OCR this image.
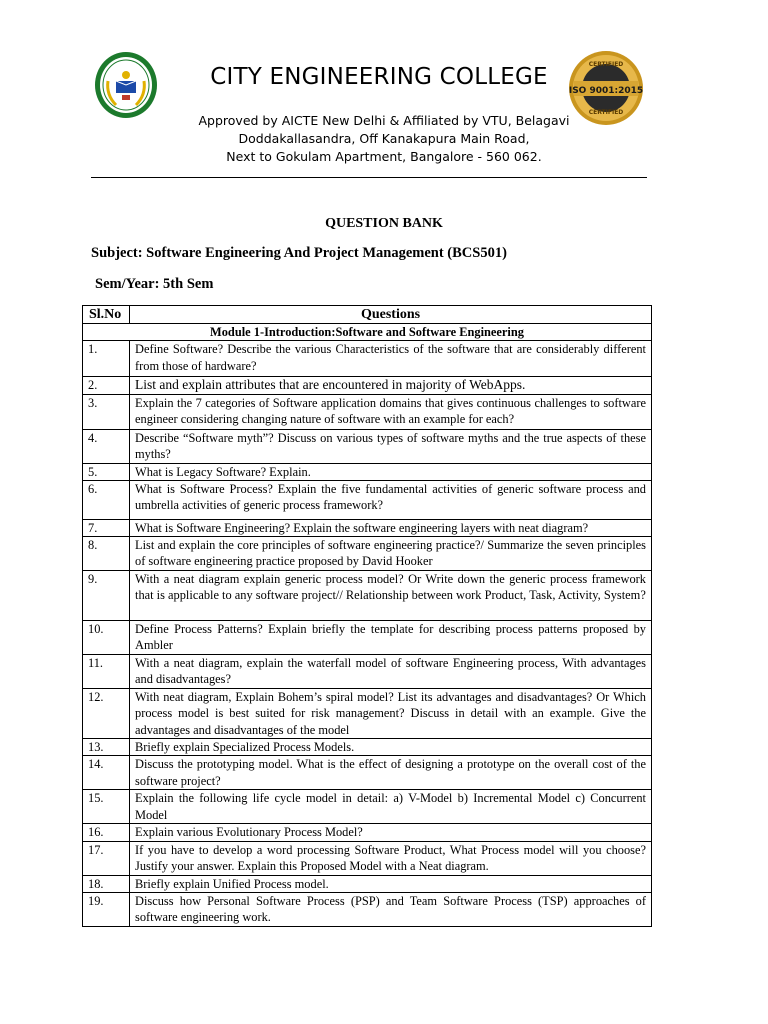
CITY ENGINEERING COLLEGE
Approved by AICTE New Delhi & Affiliated by VTU, Belagavi
Doddakallasandra, Off Kanakapura Main Road,
Next to Gokulam Apartment, Bangalore - 560 062.
ISO 9001:2015
CERTIFIED
CERTIFIED
QUESTION BANK
Subject: Software Engineering And Project Management (BCS501)
Sem/Year: 5th Sem
Sl.No	Questions
Module 1-Introduction:Software and Software Engineering	
1.	Define Software? Describe the various Characteristics of the software that are considerably different from those of hardware?
2.	List and explain attributes that are encountered in majority of WebApps.
3.	Explain the 7 categories of Software application domains that gives continuous challenges to software engineer considering changing nature of software with an example for each?
4.	Describe “Software myth”? Discuss on various types of software myths and the true aspects of these myths?
5.	What is Legacy Software? Explain.
6.	What is Software Process? Explain the five fundamental activities of generic software process and umbrella activities of generic process framework?
7.	What is Software Engineering? Explain the software engineering layers with neat diagram?
8.	List and explain the core principles of software engineering practice?/ Summarize the seven principles of software engineering practice proposed by David Hooker
9.	With a neat diagram explain generic process model? Or Write down the generic process framework that is applicable to any software project// Relationship between work Product, Task, Activity, System?
10.	Define Process Patterns? Explain briefly the template for describing process patterns proposed by Ambler
11.	With a neat diagram, explain the waterfall model of software Engineering process, With advantages and disadvantages?
12.	With neat diagram, Explain Bohem’s spiral model? List its advantages and disadvantages? Or Which process model is best suited for risk management? Discuss in detail with an example. Give the advantages and disadvantages of the model
13.	Briefly explain Specialized Process Models.
14.	Discuss the prototyping model. What is the effect of designing a prototype on the overall cost of the software project?
15.	Explain the following life cycle model in detail: a) V-Model b) Incremental Model c) Concurrent Model
16.	Explain various Evolutionary Process Model?
17.	If you have to develop a word processing Software Product, What Process model will you choose? Justify your answer. Explain this Proposed Model with a Neat diagram.
18.	Briefly explain Unified Process model.
19.	Discuss how Personal Software Process (PSP) and Team Software Process (TSP) approaches of software engineering work.
